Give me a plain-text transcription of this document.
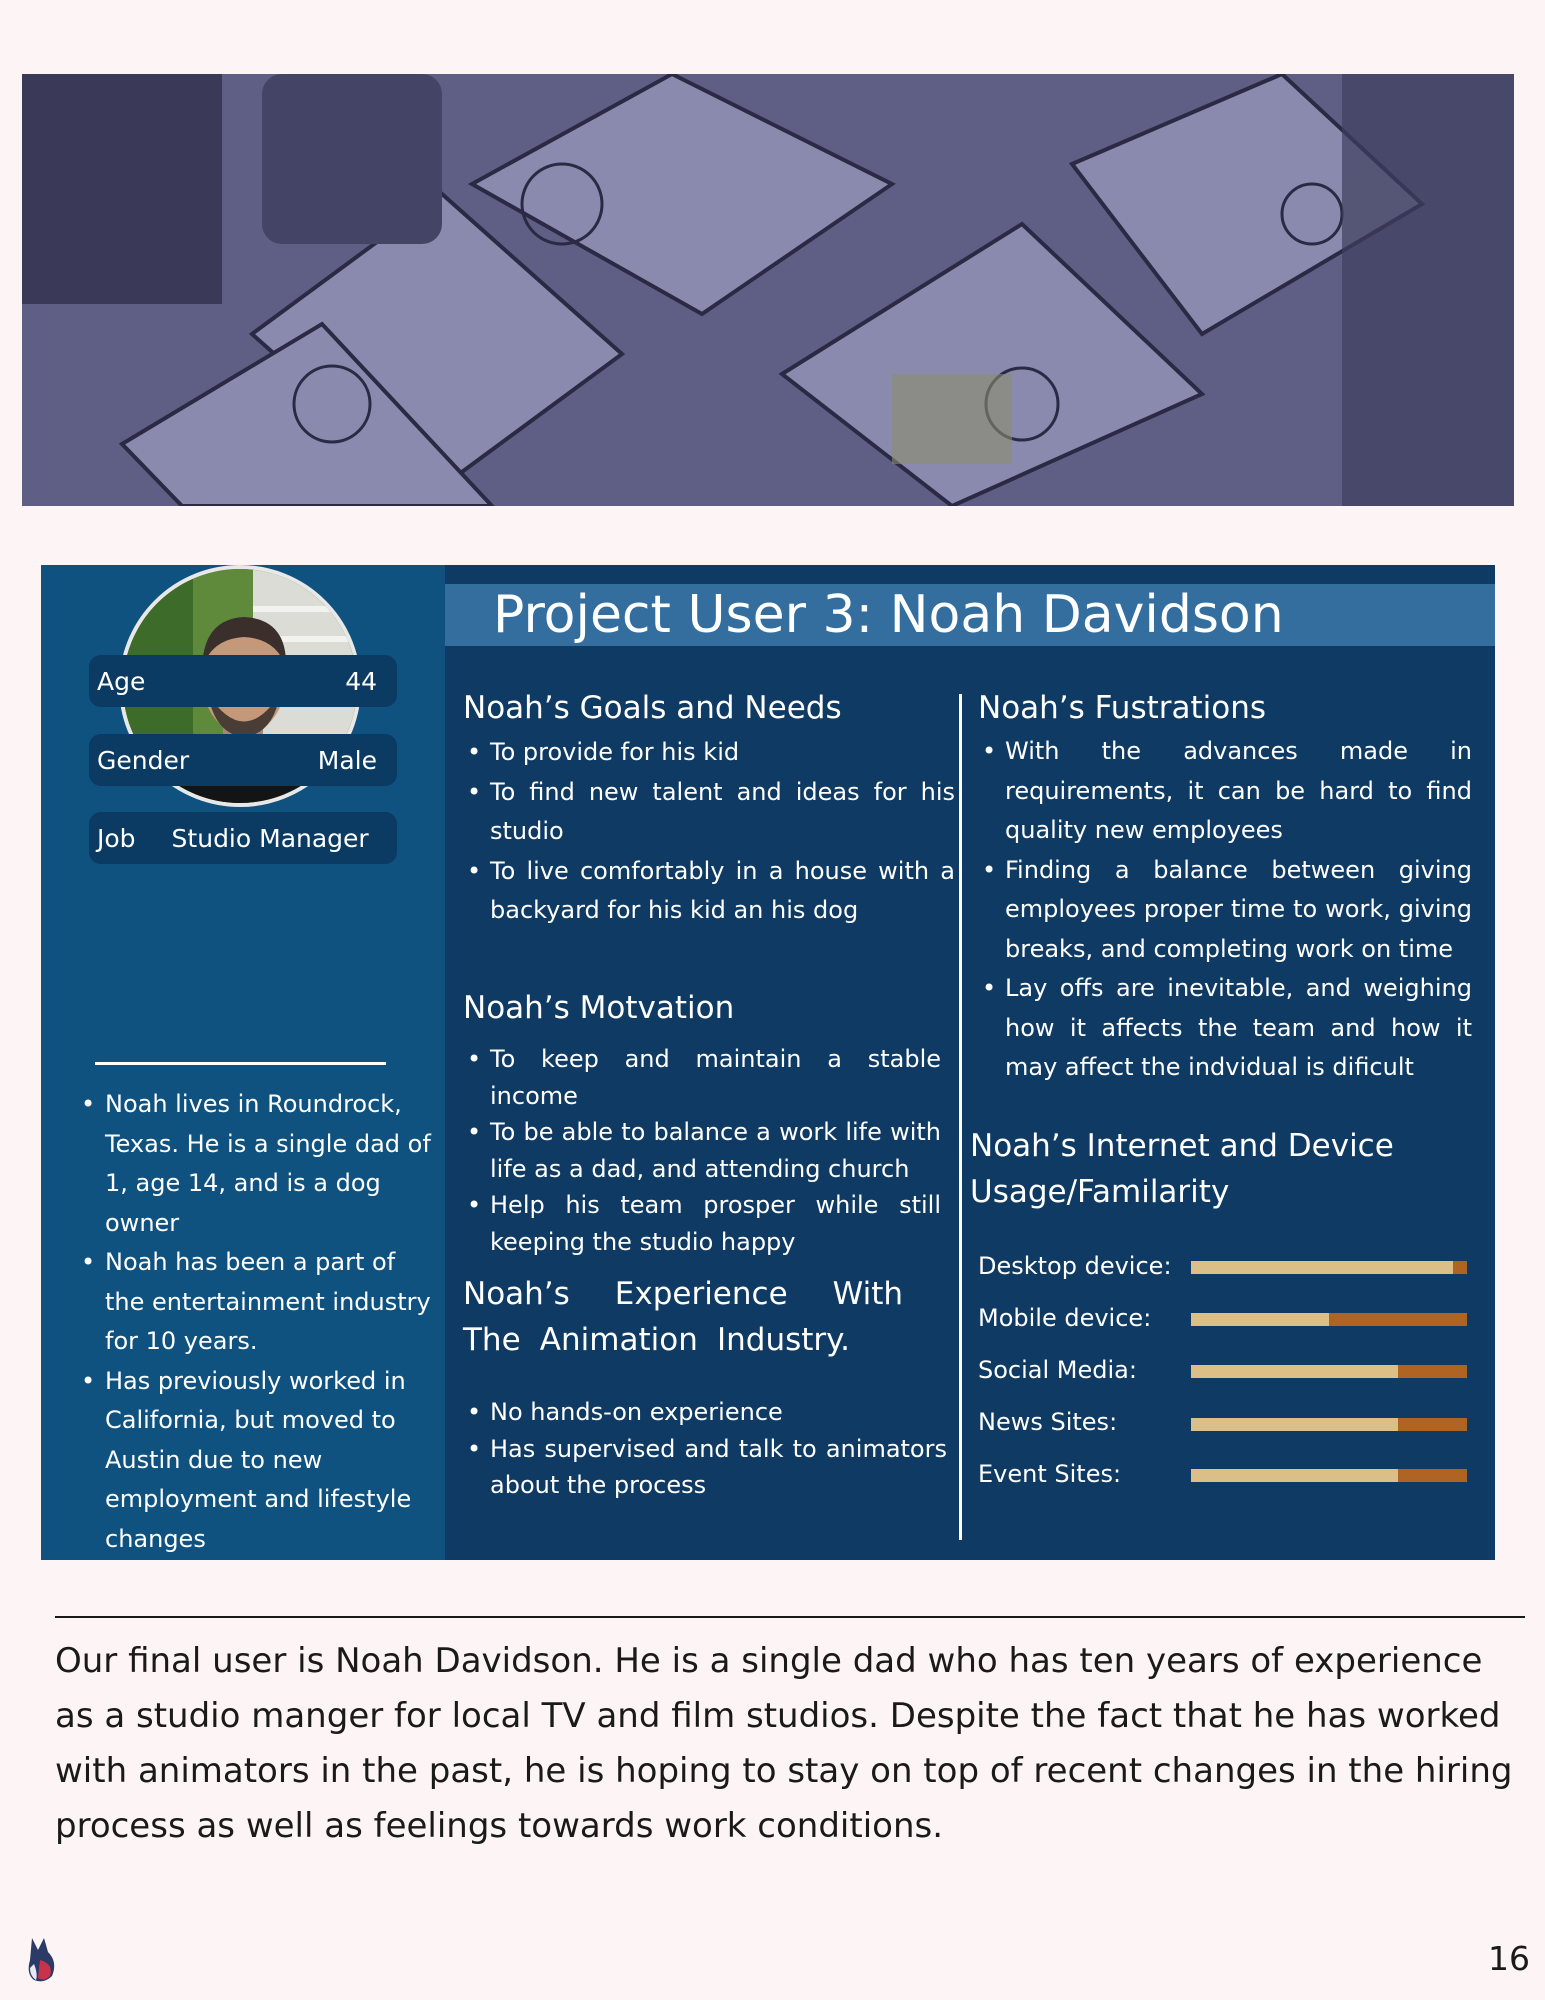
Age	44
Gender	Male
Job Studio Manager
• Noah lives in Roundrock, Texas. He is a single dad of 1, age 14, and is a dog owner
• Noah has been a part of the entertainment industry for 10 years.
• Has previously worked in California, but moved to Austin due to new employment and lifestyle changes
Project User 3: Noah Davidson
Noah’s Goals and Needs
• To provide for his kid
• To find new talent and ideas for his studio
• To live comfortably in a house with a backyard for his kid an his dog
Noah’s Motvation
• To keep and maintain a stable income
• To be able to balance a work life with life as a dad, and attending church
• Help his team prosper while still keeping the studio happy
Noah’s Experience With The Animation Industry.
• No hands-on experience
• Has supervised and talk to animators about the process
Noah’s Fustrations
• With the advances made in requirements, it can be hard to find quality new employees
• Finding a balance between giving employees proper time to work, giving breaks, and completing work on time
• Lay offs are inevitable, and weighing how it affects the team and how it may affect the indvidual is dificult
Noah’s Internet and Device Usage/Familarity
Desktop device:
Mobile device:
Social Media:
News Sites:
Event Sites:

Our final user is Noah Davidson. He is a single dad who has ten years of experience as a studio manger for local TV and film studios. Despite the fact that he has worked with animators in the past, he is hoping to stay on top of recent changes in the hiring process as well as feelings towards work conditions.

16
